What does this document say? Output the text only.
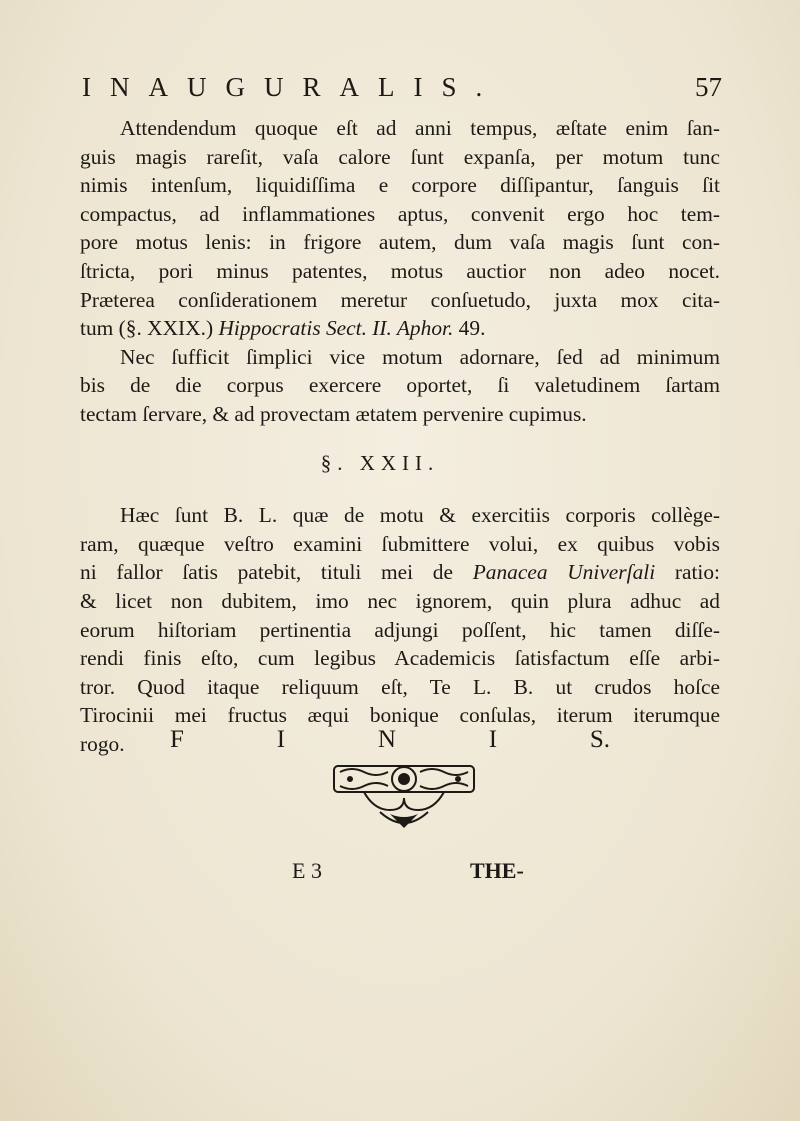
INAUGURALIS.	57

Attendendum quoque eſt ad anni tempus, æſtate enim ſan-
guis magis rareſit, vaſa calore ſunt expanſa, per motum tunc
nimis intenſum, liquidiſſima e corpore diſſipantur, ſanguis ſit
compactus, ad inflammationes aptus, convenit ergo hoc tem-
pore motus lenis: in frigore autem, dum vaſa magis ſunt con-
ſtricta, pori minus patentes, motus auctior non adeo nocet.
Præterea conſiderationem meretur conſuetudo, juxta mox cita-
tum (§. XXIX.) Hippocratis Sect. II. Aphor. 49.

Nec ſufficit ſimplici vice motum adornare, ſed ad minimum
bis de die corpus exercere oportet, ſi valetudinem ſartam
tectam ſervare, & ad provectam ætatem pervenire cupimus.

§. XXII.

Hæc ſunt B. L. quæ de motu & exercitiis corporis collège-
ram, quæque veſtro examini ſubmittere volui, ex quibus vobis
ni fallor ſatis patebit, tituli mei de Panacea Univerſali ratio:
& licet non dubitem, imo nec ignorem, quin plura adhuc ad
eorum hiſtoriam pertinentia adjungi poſſent, hic tamen diſſe-
rendi finis eſto, cum legibus Academicis ſatisfactum eſſe arbi-
tror. Quod itaque reliquum eſt, Te L. B. ut crudos hoſce
Tirocinii mei fructus æqui bonique conſulas, iterum iterumque
rogo.	F	I	N	I	S.
E 3	THE-
